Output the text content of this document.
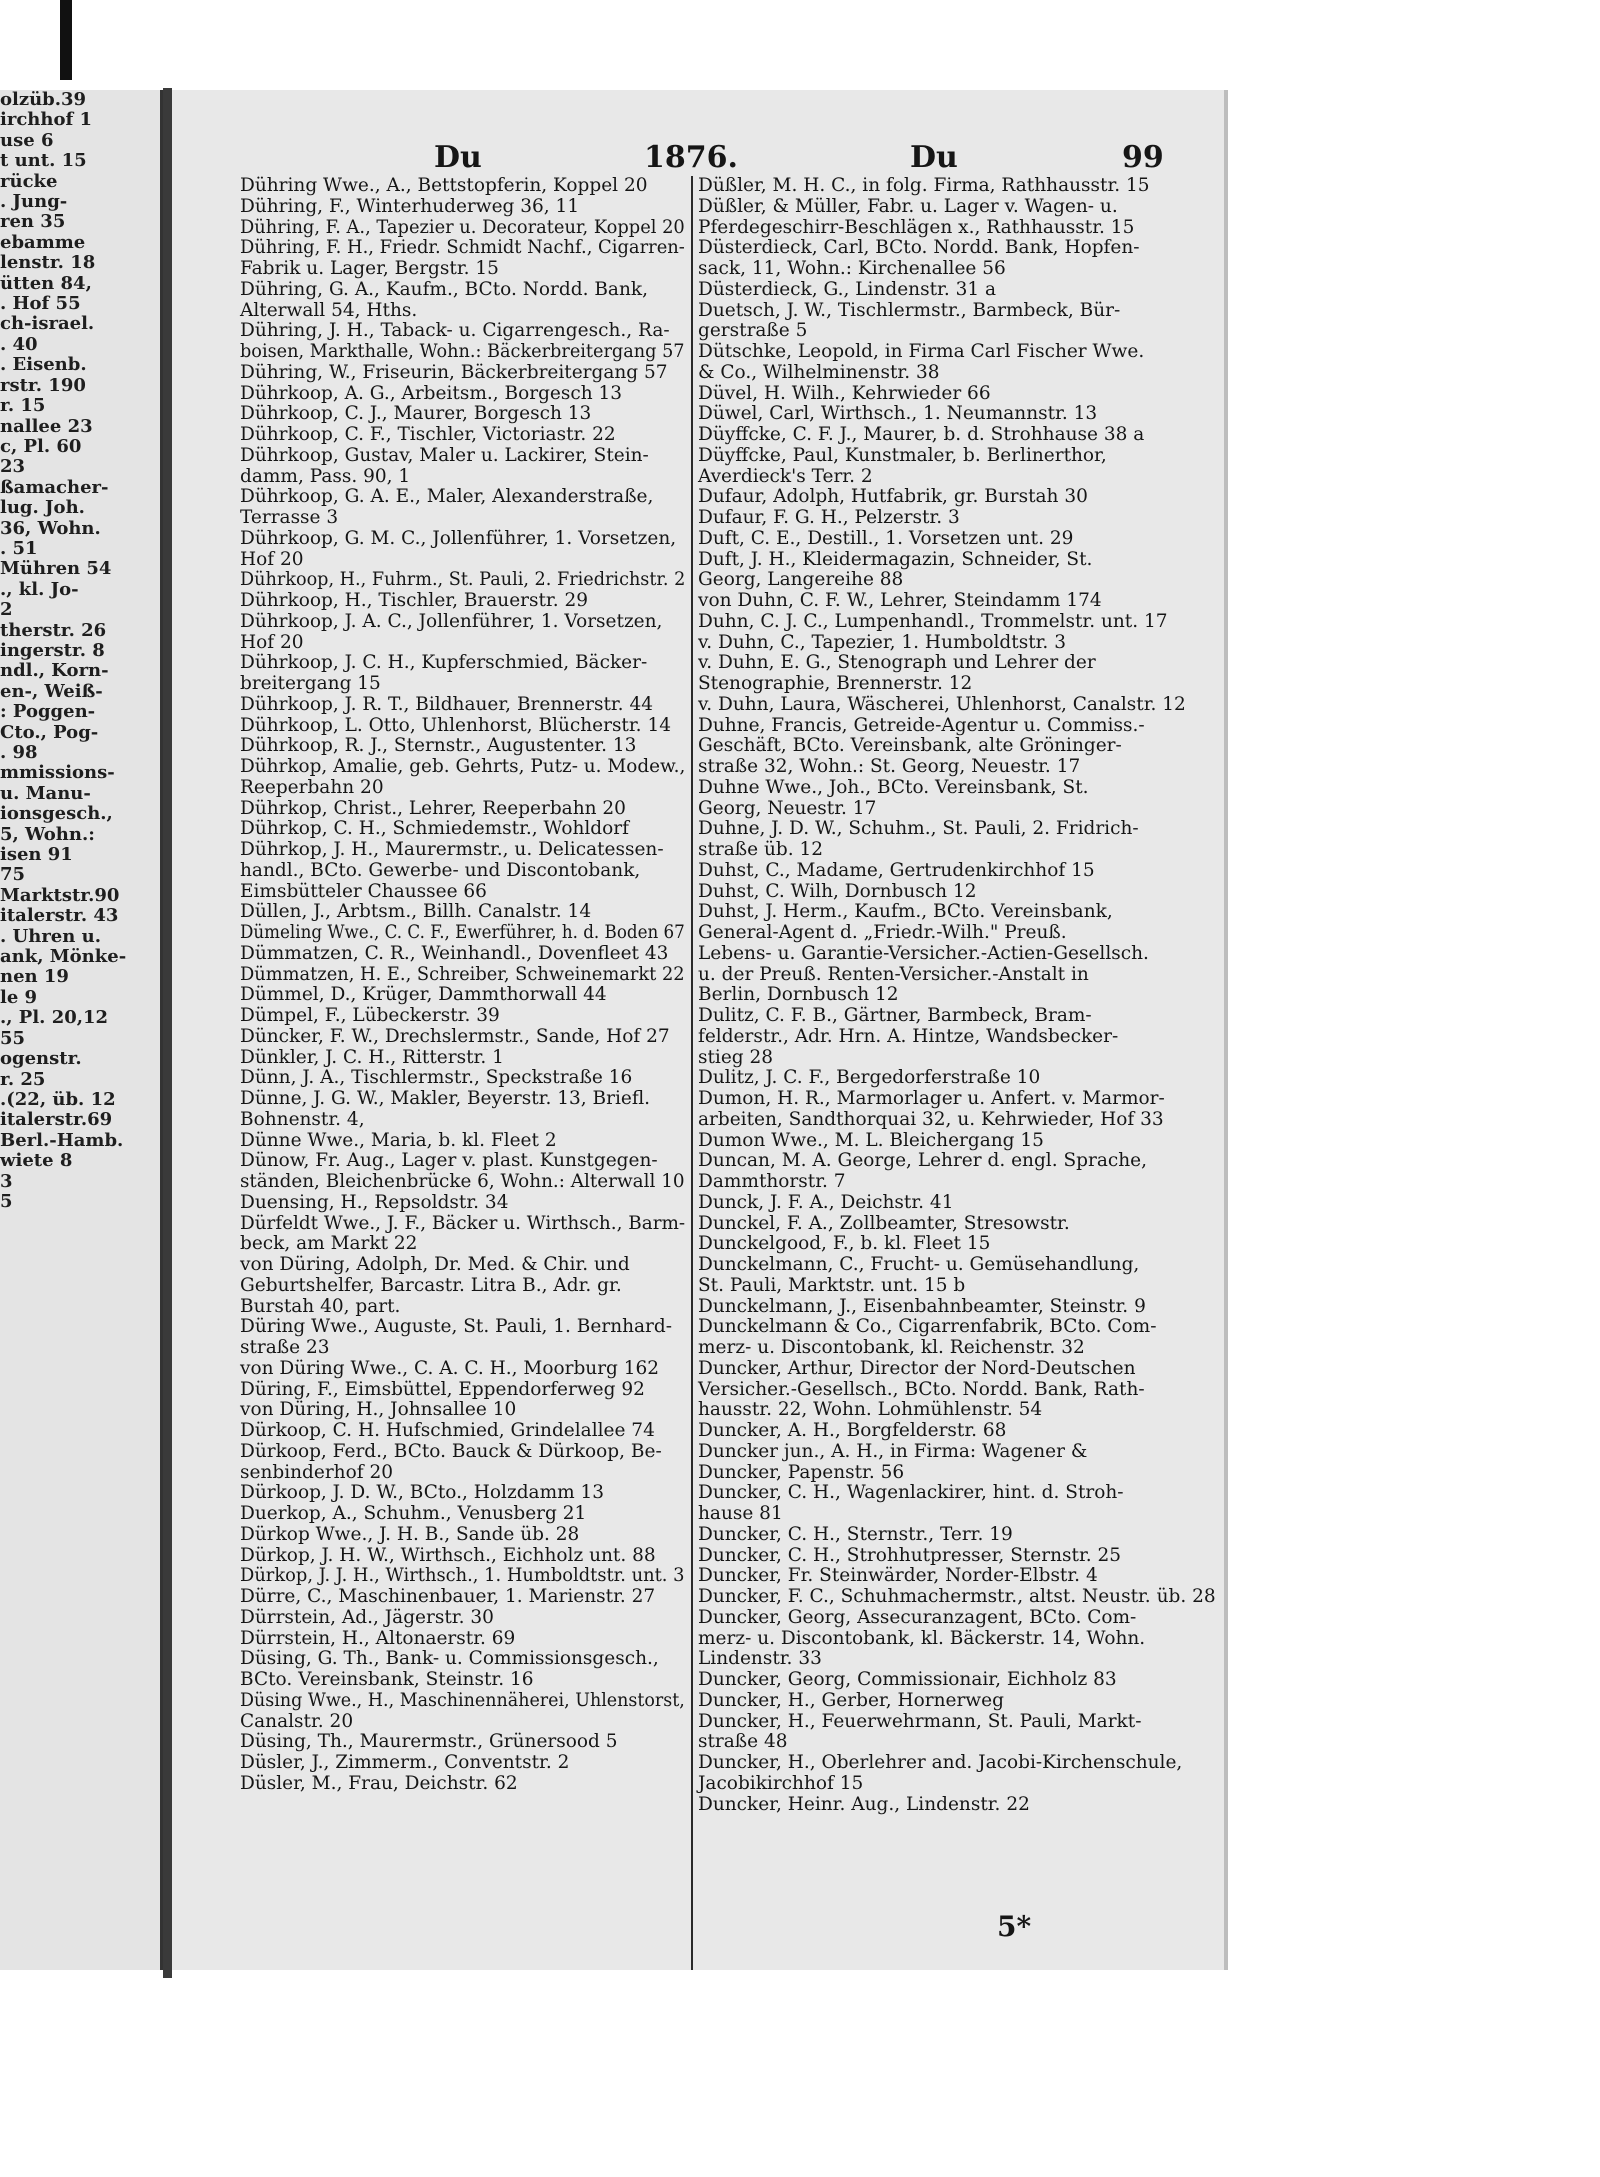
olzüb.39
irchhof 1
use 6
t unt. 15
rücke
. Jung-
ren 35
ebamme
lenstr. 18
ütten 84,
. Hof 55
ch-israel.
. 40
. Eisenb.
rstr. 190
r. 15
nallee 23
c, Pl. 60
23
ßamacher-
lug. Joh.
36, Wohn.
. 51
Mühren 54
., kl. Jo-
2
therstr. 26
ingerstr. 8
ndl., Korn-
en-, Weiß-
: Poggen-
Cto., Pog-
. 98
mmissions-
u. Manu-
ionsgesch.,
5, Wohn.:
isen 91
75
Marktstr.90
italerstr. 43
. Uhren u.
ank, Mönke-
nen 19
le 9
., Pl. 20,12
55
ogenstr.
r. 25
.(22, üb. 12
italerstr.69
Berl.-Hamb.
wiete 8
3
5
Du	1876.	Du	99
Dühring Wwe., A., Bettstopferin, Koppel 20
Dühring, F., Winterhuderweg 36, 11
Dühring, F. A., Tapezier u. Decorateur, Koppel 20
Dühring, F. H., Friedr. Schmidt Nachf., Cigarren-
Fabrik u. Lager, Bergstr. 15
Dühring, G. A., Kaufm., BCto. Nordd. Bank,
Alterwall 54, Hths.
Dühring, J. H., Taback- u. Cigarrengesch., Ra-
boisen, Markthalle, Wohn.: Bäckerbreitergang 57
Dühring, W., Friseurin, Bäckerbreitergang 57
Dührkoop, A. G., Arbeitsm., Borgesch 13
Dührkoop, C. J., Maurer, Borgesch 13
Dührkoop, C. F., Tischler, Victoriastr. 22
Dührkoop, Gustav, Maler u. Lackirer, Stein-
damm, Pass. 90, 1
Dührkoop, G. A. E., Maler, Alexanderstraße,
Terrasse 3
Dührkoop, G. M. C., Jollenführer, 1. Vorsetzen,
Hof 20
Dührkoop, H., Fuhrm., St. Pauli, 2. Friedrichstr. 2
Dührkoop, H., Tischler, Brauerstr. 29
Dührkoop, J. A. C., Jollenführer, 1. Vorsetzen,
Hof 20
Dührkoop, J. C. H., Kupferschmied, Bäcker-
breitergang 15
Dührkoop, J. R. T., Bildhauer, Brennerstr. 44
Dührkoop, L. Otto, Uhlenhorst, Blücherstr. 14
Dührkoop, R. J., Sternstr., Augustenter. 13
Dührkop, Amalie, geb. Gehrts, Putz- u. Modew.,
Reeperbahn 20
Dührkop, Christ., Lehrer, Reeperbahn 20
Dührkop, C. H., Schmiedemstr., Wohldorf
Dührkop, J. H., Maurermstr., u. Delicatessen-
handl., BCto. Gewerbe- und Discontobank,
Eimsbütteler Chaussee 66
Düllen, J., Arbtsm., Billh. Canalstr. 14
Dümeling Wwe., C. C. F., Ewerführer, h. d. Boden 67
Dümmatzen, C. R., Weinhandl., Dovenfleet 43
Dümmatzen, H. E., Schreiber, Schweinemarkt 22
Dümmel, D., Krüger, Dammthorwall 44
Dümpel, F., Lübeckerstr. 39
Düncker, F. W., Drechslermstr., Sande, Hof 27
Dünkler, J. C. H., Ritterstr. 1
Dünn, J. A., Tischlermstr., Speckstraße 16
Dünne, J. G. W., Makler, Beyerstr. 13, Briefl.
Bohnenstr. 4,
Dünne Wwe., Maria, b. kl. Fleet 2
Dünow, Fr. Aug., Lager v. plast. Kunstgegen-
ständen, Bleichenbrücke 6, Wohn.: Alterwall 10
Duensing, H., Repsoldstr. 34
Dürfeldt Wwe., J. F., Bäcker u. Wirthsch., Barm-
beck, am Markt 22
von Düring, Adolph, Dr. Med. & Chir. und
Geburtshelfer, Barcastr. Litra B., Adr. gr.
Burstah 40, part.
Düring Wwe., Auguste, St. Pauli, 1. Bernhard-
straße 23
von Düring Wwe., C. A. C. H., Moorburg 162
Düring, F., Eimsbüttel, Eppendorferweg 92
von Düring, H., Johnsallee 10
Dürkoop, C. H. Hufschmied, Grindelallee 74
Dürkoop, Ferd., BCto. Bauck & Dürkoop, Be-
senbinderhof 20
Dürkoop, J. D. W., BCto., Holzdamm 13
Duerkop, A., Schuhm., Venusberg 21
Dürkop Wwe., J. H. B., Sande üb. 28
Dürkop, J. H. W., Wirthsch., Eichholz unt. 88
Dürkop, J. J. H., Wirthsch., 1. Humboldtstr. unt. 3
Dürre, C., Maschinenbauer, 1. Marienstr. 27
Dürrstein, Ad., Jägerstr. 30
Dürrstein, H., Altonaerstr. 69
Düsing, G. Th., Bank- u. Commissionsgesch.,
BCto. Vereinsbank, Steinstr. 16
Düsing Wwe., H., Maschinennäherei, Uhlenstorst,
Canalstr. 20
Düsing, Th., Maurermstr., Grünersood 5
Düsler, J., Zimmerm., Conventstr. 2
Düsler, M., Frau, Deichstr. 62
Düßler, M. H. C., in folg. Firma, Rathhausstr. 15
Düßler, & Müller, Fabr. u. Lager v. Wagen- u.
Pferdegeschirr-Beschlägen x., Rathhausstr. 15
Düsterdieck, Carl, BCto. Nordd. Bank, Hopfen-
sack, 11, Wohn.: Kirchenallee 56
Düsterdieck, G., Lindenstr. 31 a
Duetsch, J. W., Tischlermstr., Barmbeck, Bür-
gerstraße 5
Dütschke, Leopold, in Firma Carl Fischer Wwe.
& Co., Wilhelminenstr. 38
Düvel, H. Wilh., Kehrwieder 66
Düwel, Carl, Wirthsch., 1. Neumannstr. 13
Düyffcke, C. F. J., Maurer, b. d. Strohhause 38 a
Düyffcke, Paul, Kunstmaler, b. Berlinerthor,
Averdieck's Terr. 2
Dufaur, Adolph, Hutfabrik, gr. Burstah 30
Dufaur, F. G. H., Pelzerstr. 3
Duft, C. E., Destill., 1. Vorsetzen unt. 29
Duft, J. H., Kleidermagazin, Schneider, St.
Georg, Langereihe 88
von Duhn, C. F. W., Lehrer, Steindamm 174
Duhn, C. J. C., Lumpenhandl., Trommelstr. unt. 17
v. Duhn, C., Tapezier, 1. Humboldtstr. 3
v. Duhn, E. G., Stenograph und Lehrer der
Stenographie, Brennerstr. 12
v. Duhn, Laura, Wäscherei, Uhlenhorst, Canalstr. 12
Duhne, Francis, Getreide-Agentur u. Commiss.-
Geschäft, BCto. Vereinsbank, alte Gröninger-
straße 32, Wohn.: St. Georg, Neuestr. 17
Duhne Wwe., Joh., BCto. Vereinsbank, St.
Georg, Neuestr. 17
Duhne, J. D. W., Schuhm., St. Pauli, 2. Fridrich-
straße üb. 12
Duhst, C., Madame, Gertrudenkirchhof 15
Duhst, C. Wilh, Dornbusch 12
Duhst, J. Herm., Kaufm., BCto. Vereinsbank,
General-Agent d. „Friedr.-Wilh." Preuß.
Lebens- u. Garantie-Versicher.-Actien-Gesellsch.
u. der Preuß. Renten-Versicher.-Anstalt in
Berlin, Dornbusch 12
Dulitz, C. F. B., Gärtner, Barmbeck, Bram-
felderstr., Adr. Hrn. A. Hintze, Wandsbecker-
stieg 28
Dulitz, J. C. F., Bergedorferstraße 10
Dumon, H. R., Marmorlager u. Anfert. v. Marmor-
arbeiten, Sandthorquai 32, u. Kehrwieder, Hof 33
Dumon Wwe., M. L. Bleichergang 15
Duncan, M. A. George, Lehrer d. engl. Sprache,
Dammthorstr. 7
Dunck, J. F. A., Deichstr. 41
Dunckel, F. A., Zollbeamter, Stresowstr.
Dunckelgood, F., b. kl. Fleet 15
Dunckelmann, C., Frucht- u. Gemüsehandlung,
St. Pauli, Marktstr. unt. 15 b
Dunckelmann, J., Eisenbahnbeamter, Steinstr. 9
Dunckelmann & Co., Cigarrenfabrik, BCto. Com-
merz- u. Discontobank, kl. Reichenstr. 32
Duncker, Arthur, Director der Nord-Deutschen
Versicher.-Gesellsch., BCto. Nordd. Bank, Rath-
hausstr. 22, Wohn. Lohmühlenstr. 54
Duncker, A. H., Borgfelderstr. 68
Duncker jun., A. H., in Firma: Wagener &
Duncker, Papenstr. 56
Duncker, C. H., Wagenlackirer, hint. d. Stroh-
hause 81
Duncker, C. H., Sternstr., Terr. 19
Duncker, C. H., Strohhutpresser, Sternstr. 25
Duncker, Fr. Steinwärder, Norder-Elbstr. 4
Duncker, F. C., Schuhmachermstr., altst. Neustr. üb. 28
Duncker, Georg, Assecuranzagent, BCto. Com-
merz- u. Discontobank, kl. Bäckerstr. 14, Wohn.
Lindenstr. 33
Duncker, Georg, Commissionair, Eichholz 83
Duncker, H., Gerber, Hornerweg
Duncker, H., Feuerwehrmann, St. Pauli, Markt-
straße 48
Duncker, H., Oberlehrer and. Jacobi-Kirchenschule,
Jacobikirchhof 15
Duncker, Heinr. Aug., Lindenstr. 22
5*
